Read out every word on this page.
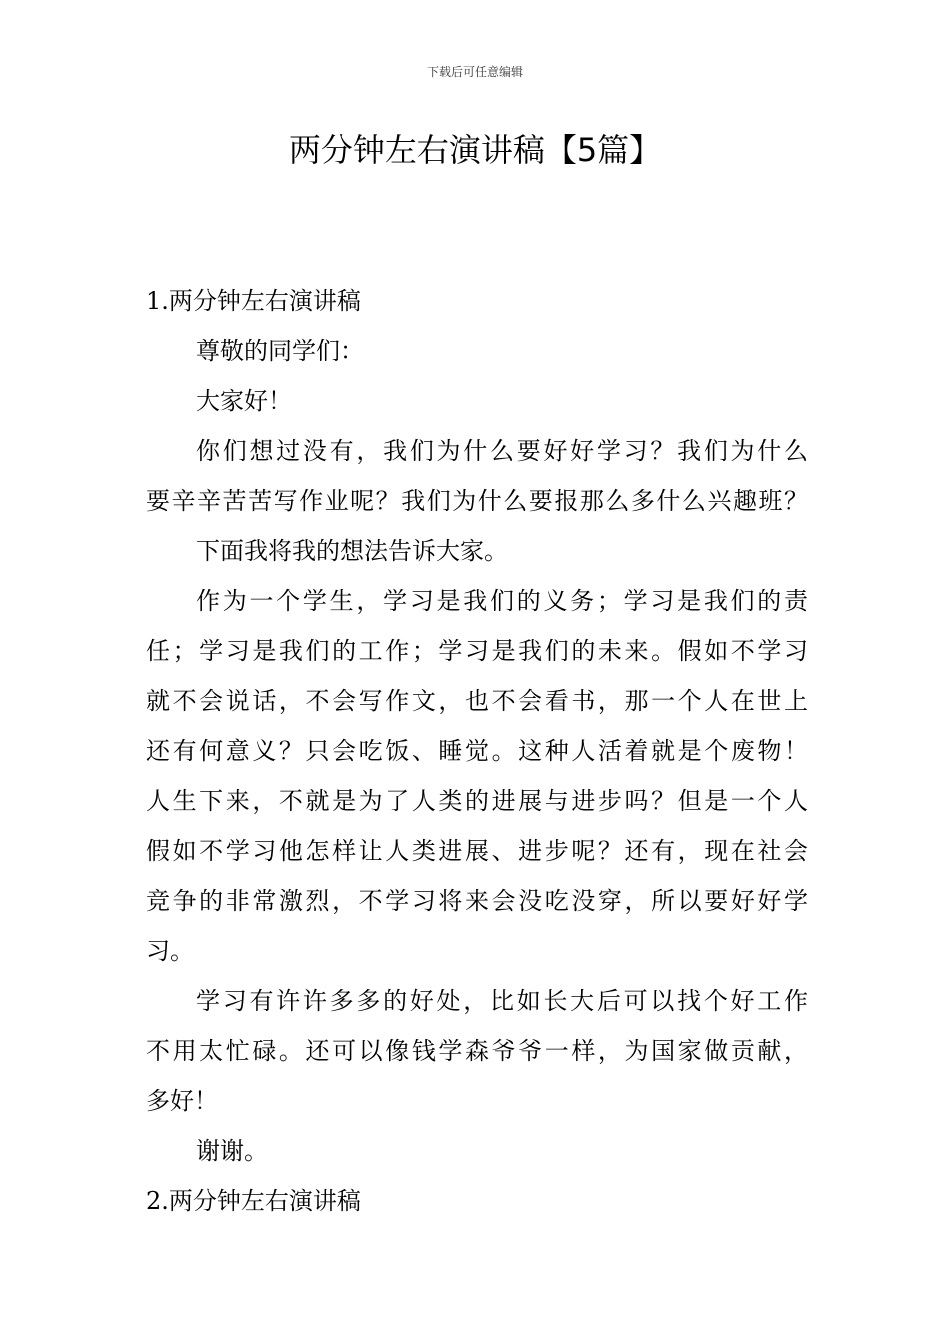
下载后可任意编辑
两分钟左右演讲稿【5篇】
1.两分钟左右演讲稿
尊敬的同学们：
大家好！
你们想过没有，我们为什么要好好学习？我们为什么
要辛辛苦苦写作业呢？我们为什么要报那么多什么兴趣班？
下面我将我的想法告诉大家。
作为一个学生，学习是我们的义务；学习是我们的责
任；学习是我们的工作；学习是我们的未来。假如不学习
就不会说话，不会写作文，也不会看书，那一个人在世上
还有何意义？只会吃饭、睡觉。这种人活着就是个废物！
人生下来，不就是为了人类的进展与进步吗？但是一个人
假如不学习他怎样让人类进展、进步呢？还有，现在社会
竞争的非常激烈，不学习将来会没吃没穿，所以要好好学
习。
学习有许许多多的好处，比如长大后可以找个好工作
不用太忙碌。还可以像钱学森爷爷一样，为国家做贡献，
多好！
谢谢。
2.两分钟左右演讲稿
